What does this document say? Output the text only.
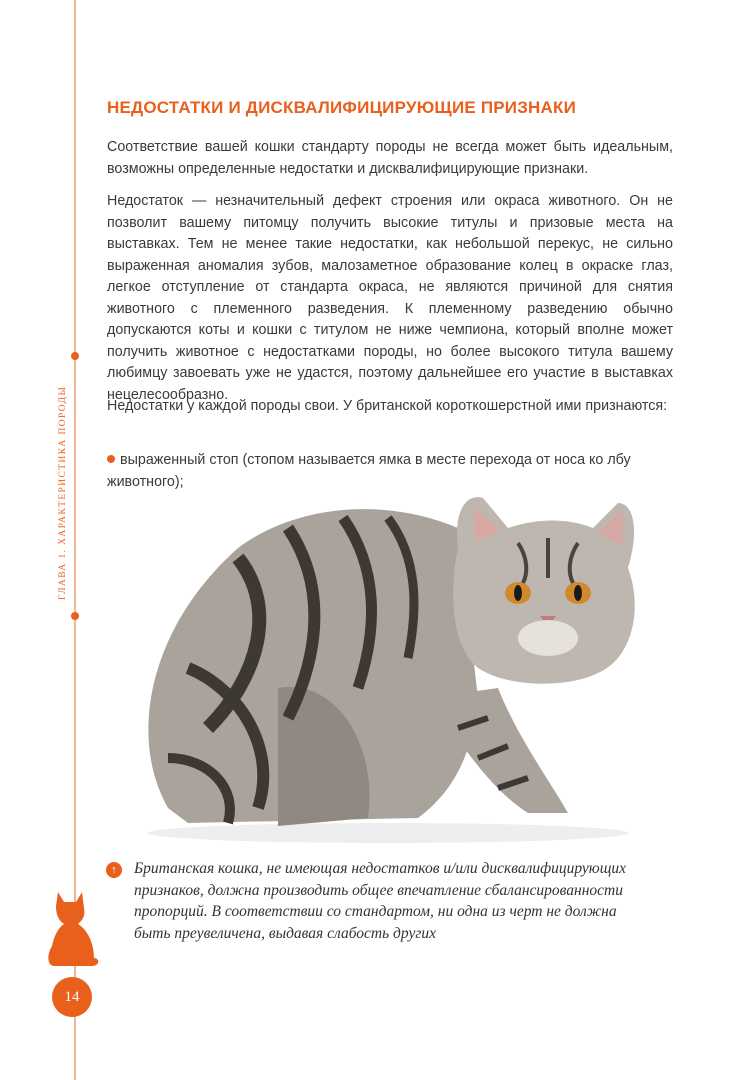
ГЛАВА 1. ХАРАКТЕРИСТИКА ПОРОДЫ
НЕДОСТАТКИ И ДИСКВАЛИФИЦИРУЮЩИЕ ПРИЗНАКИ

Соответствие вашей кошки стандарту породы не всегда может быть идеальным, возможны определенные недостатки и дисквалифицирующие признаки.

Недостаток — незначительный дефект строения или окраса животного. Он не позволит вашему питомцу получить высокие титулы и призовые места на выставках. Тем не менее такие недостатки, как небольшой перекус, не сильно выраженная аномалия зубов, малозаметное образование колец в окраске глаз, легкое отступление от стандарта окраса, не являются причиной для снятия животного с племенного разведения. К племенному разведению обычно допускаются коты и кошки с титулом не ниже чемпиона, который вполне может получить животное с недостатками породы, но более высокого титула вашему любимцу завоевать уже не удастся, поэтому дальнейшее его участие в выставках нецелесообразно.

Недостатки у каждой породы свои. У британской короткошерстной ими признаются:

выраженный стоп (стопом называется ямка в месте перехода от носа ко лбу животного);
↑	Британская кошка, не имеющая недостатков и/или дисквалифицирующих признаков, должна производить общее впечатление сбалансированности пропорций. В соответствии со стандартом, ни одна из черт не должна быть преувеличена, выдавая слабость других

14
